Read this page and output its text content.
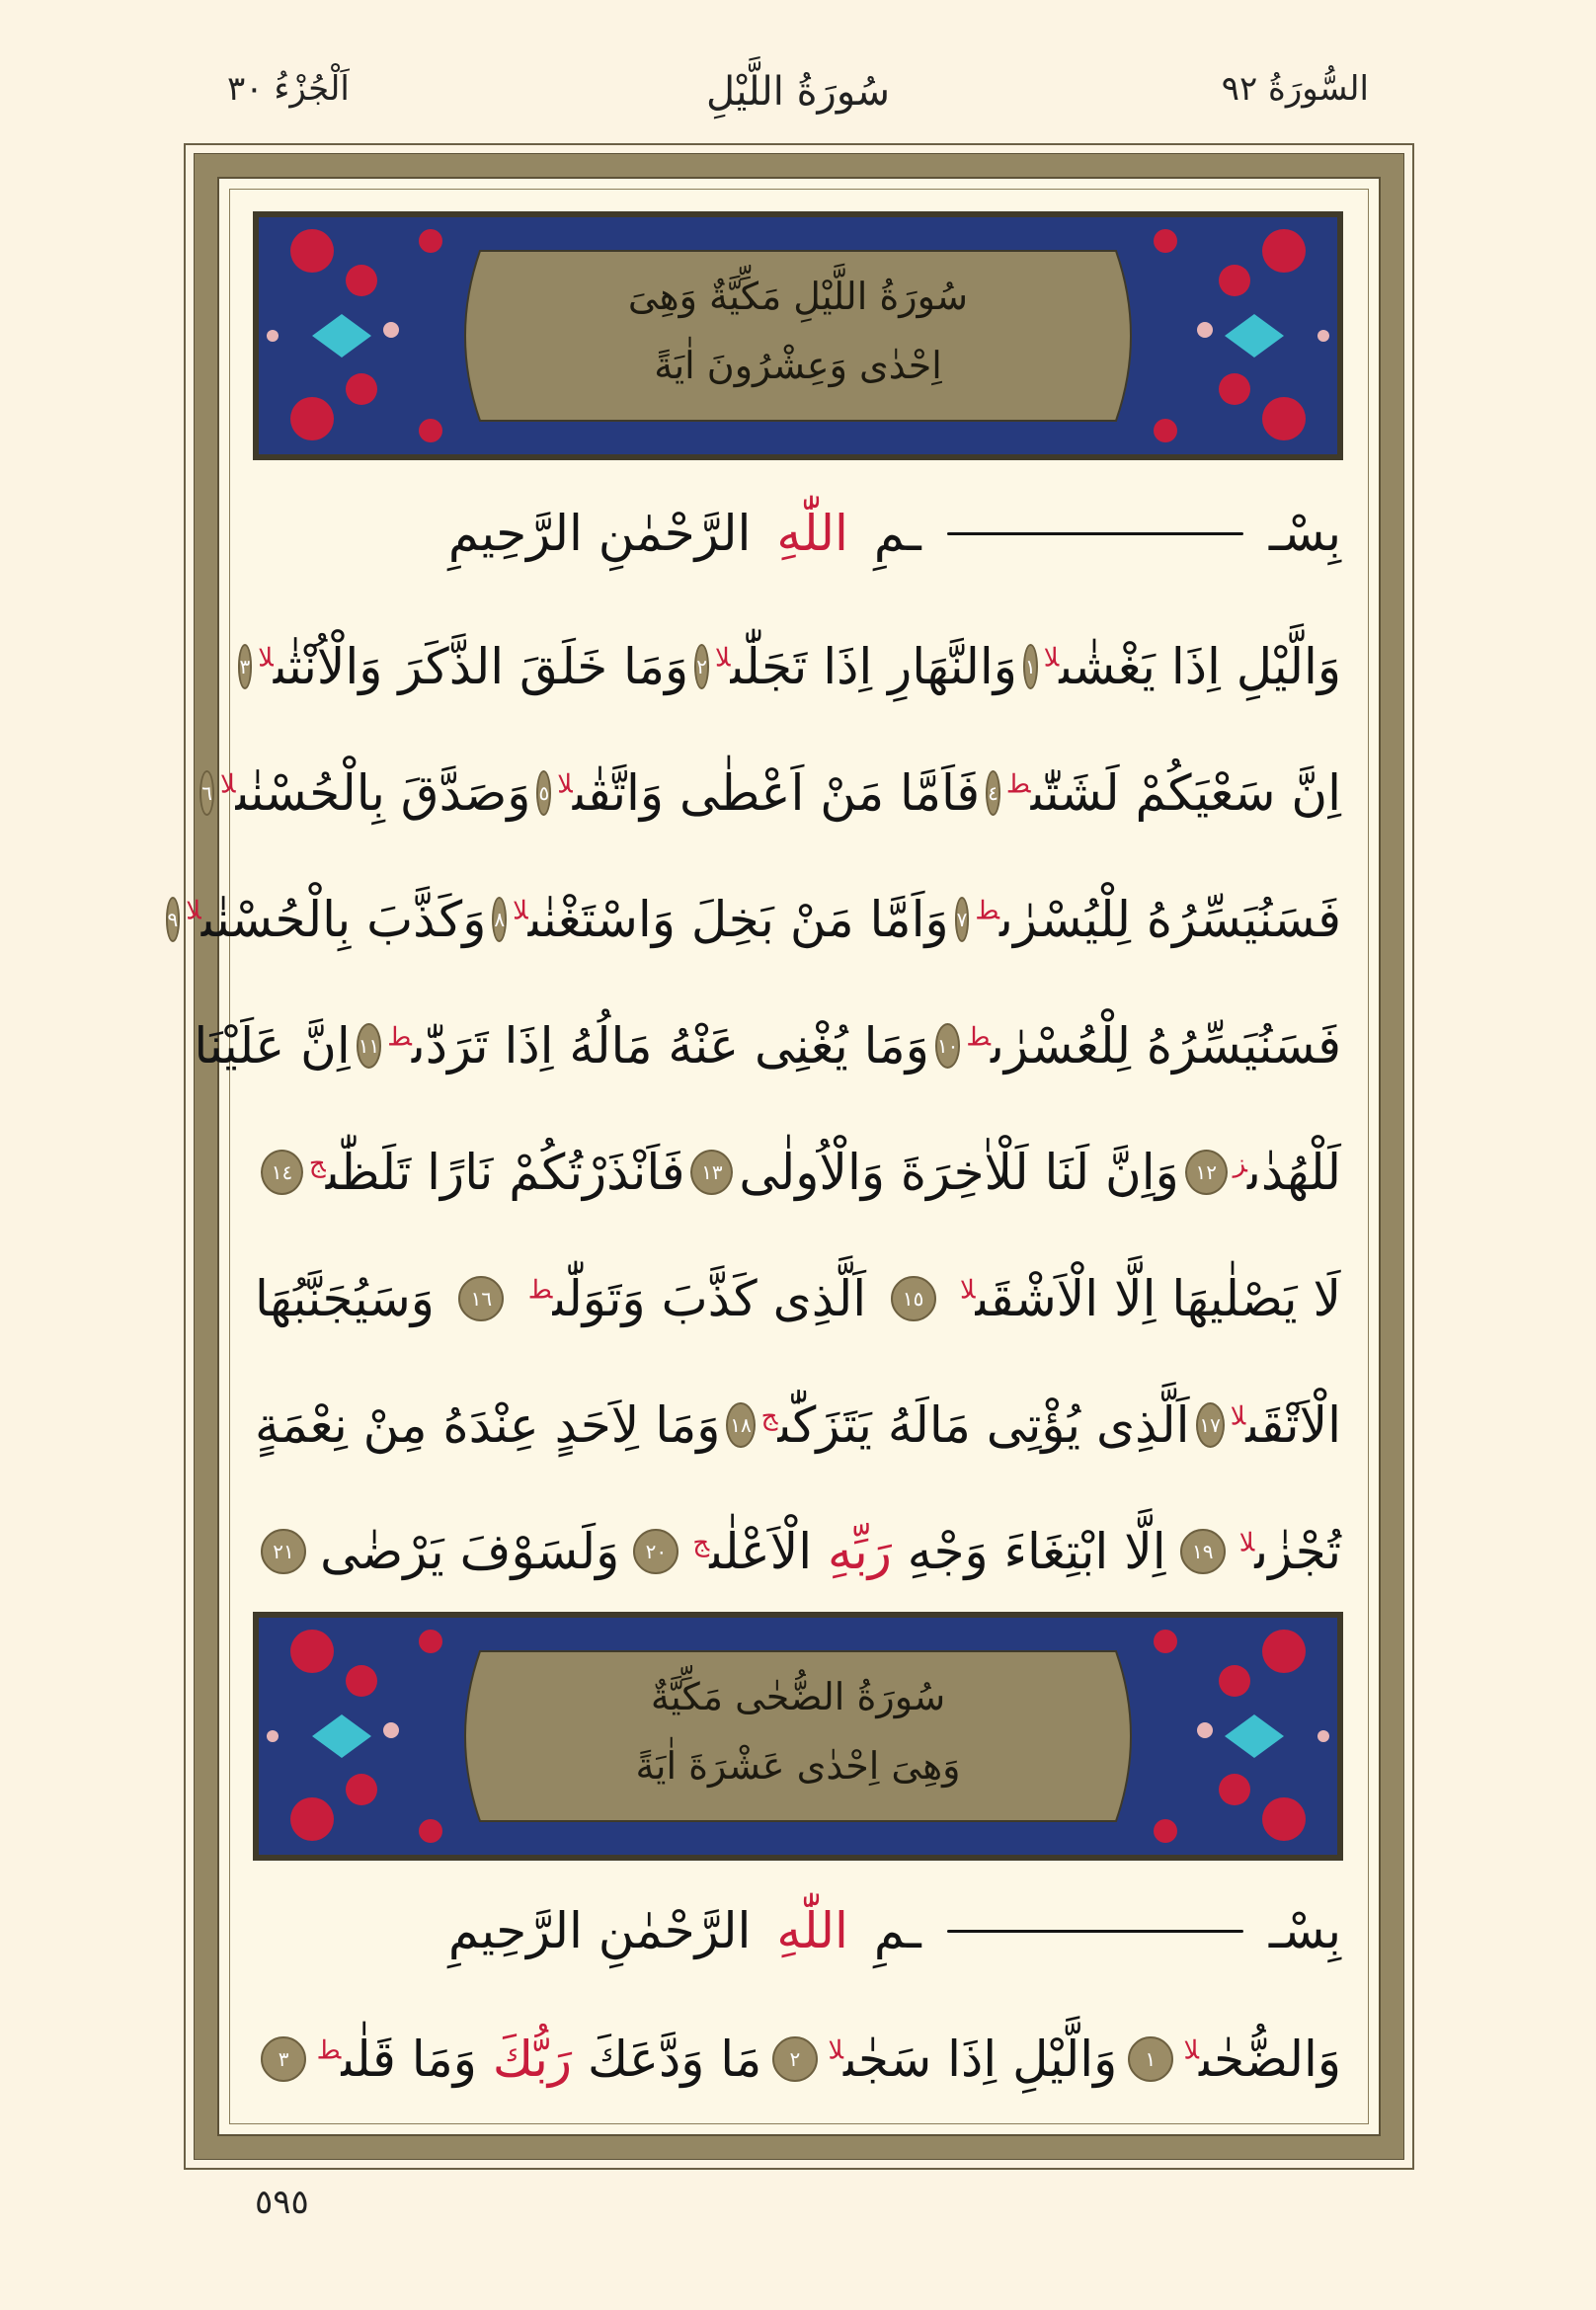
السُّورَةُ ٩٢
سُورَةُ اللَّيْلِ
اَلْجُزْءُ ٣٠
سُورَةُ اللَّيْلِ مَكِّيَّةٌ وَهِىَ
اِحْدٰى وَعِشْرُونَ اٰيَةً
بِسْـ
ـمِ
اللّٰهِ
الرَّحْمٰنِ الرَّحِيمِ
وَالَّيْلِ اِذَا يَغْشٰى$^{لا}$
١
وَالنَّهَارِ اِذَا تَجَلّٰى$^{لا}$
٢
وَمَا خَلَقَ الذَّكَرَ وَالْاُنْثٰى$^{لا}$
٣
اِنَّ سَعْيَكُمْ لَشَتّٰى$^ط$
٤
فَاَمَّا مَنْ اَعْطٰى وَاتَّقٰى$^{لا}$
٥
وَصَدَّقَ بِالْحُسْنٰى$^{لا}$
٦
فَسَنُيَسِّرُهُ لِلْيُسْرٰى$^ط$
٧
وَاَمَّا مَنْ بَخِلَ وَاسْتَغْنٰى$^{لا}$
٨
وَكَذَّبَ بِالْحُسْنٰى$^{لا}$
٩
فَسَنُيَسِّرُهُ لِلْعُسْرٰى$^ط$
١٠
وَمَا يُغْنِى عَنْهُ مَالُهُ اِذَا تَرَدّٰى$^ط$
١١
اِنَّ عَلَيْنَا
لَلْهُدٰى$^ز$
١٢
وَاِنَّ لَنَا لَلْاٰخِرَةَ وَالْاُولٰى
١٣
فَاَنْذَرْتُكُمْ نَارًا تَلَظّٰى$^ج$
١٤
لَا يَصْلٰيهَا اِلَّا الْاَشْقَى$^{لا}$
١٥
اَلَّذِى كَذَّبَ وَتَوَلّٰى$^ط$
١٦
وَسَيُجَنَّبُهَا
الْاَتْقَى$^{لا}$
١٧
اَلَّذِى يُؤْتِى مَالَهُ يَتَزَكّٰى$^ج$
١٨
وَمَا لِاَحَدٍ عِنْدَهُ مِنْ نِعْمَةٍ
تُجْزٰى$^{لا}$
١٩
اِلَّا ابْتِغَاءَ وَجْهِ رَبِّهِ الْاَعْلٰى$^ج$
٢٠
وَلَسَوْفَ يَرْضٰى
٢١
سُورَةُ الضُّحٰى مَكِّيَّةٌ
وَهِىَ اِحْدٰى عَشْرَةَ اٰيَةً
بِسْـ
ـمِ
اللّٰهِ
الرَّحْمٰنِ الرَّحِيمِ
وَالضُّحٰى$^{لا}$
١
وَالَّيْلِ اِذَا سَجٰى$^{لا}$
٢
مَا وَدَّعَكَ رَبُّكَ وَمَا قَلٰى$^ط$
٣
٥٩٥
